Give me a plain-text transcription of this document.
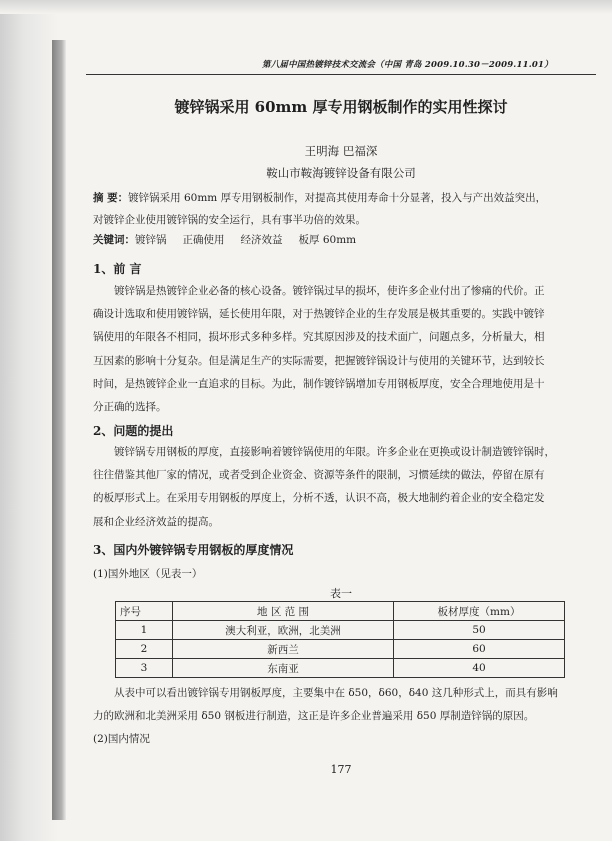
第八届中国热镀锌技术交流会（中国 青岛 2009.10.30－2009.11.01）
镀锌锅采用 60mm 厚专用钢板制作的实用性探讨
王明海 巴福深
鞍山市鞍海镀锌设备有限公司
摘 要：镀锌锅采用 60mm 厚专用钢板制作，对提高其使用寿命十分显著，投入与产出效益突出，
对镀锌企业使用镀锌锅的安全运行，具有事半功倍的效果。
关键词：镀锌锅 正确使用 经济效益 板厚 60mm
1、前 言
镀锌锅是热镀锌企业必备的核心设备。镀锌锅过早的损坏，使许多企业付出了惨痛的代价。正
确设计选取和使用镀锌锅，延长使用年限，对于热镀锌企业的生存发展是极其重要的。实践中镀锌
锅使用的年限各不相同，损坏形式多种多样。究其原因涉及的技术面广，问题点多，分析量大，相
互因素的影响十分复杂。但是满足生产的实际需要，把握镀锌锅设计与使用的关键环节，达到较长
时间，是热镀锌企业一直追求的目标。为此，制作镀锌锅增加专用钢板厚度，安全合理地使用是十
分正确的选择。
2、问题的提出
镀锌锅专用钢板的厚度，直接影响着镀锌锅使用的年限。许多企业在更换或设计制造镀锌锅时，
往往借鉴其他厂家的情况，或者受到企业资金、资源等条件的限制，习惯延续的做法，停留在原有
的板厚形式上。在采用专用钢板的厚度上，分析不透，认识不高，极大地制约着企业的安全稳定发
展和企业经济效益的提高。
3、国内外镀锌锅专用钢板的厚度情况
(1)国外地区（见表一）
表一
序号	地 区 范 围	板材厚度（mm）
1	澳大利亚，欧洲，北美洲	50
2	新西兰	60
3	东南亚	40
从表中可以看出镀锌锅专用钢板厚度，主要集中在 δ50，δ60，δ40 这几种形式上，而具有影响
力的欧洲和北美洲采用 δ50 钢板进行制造，这正是许多企业普遍采用 δ50 厚制造锌锅的原因。
(2)国内情况
177
